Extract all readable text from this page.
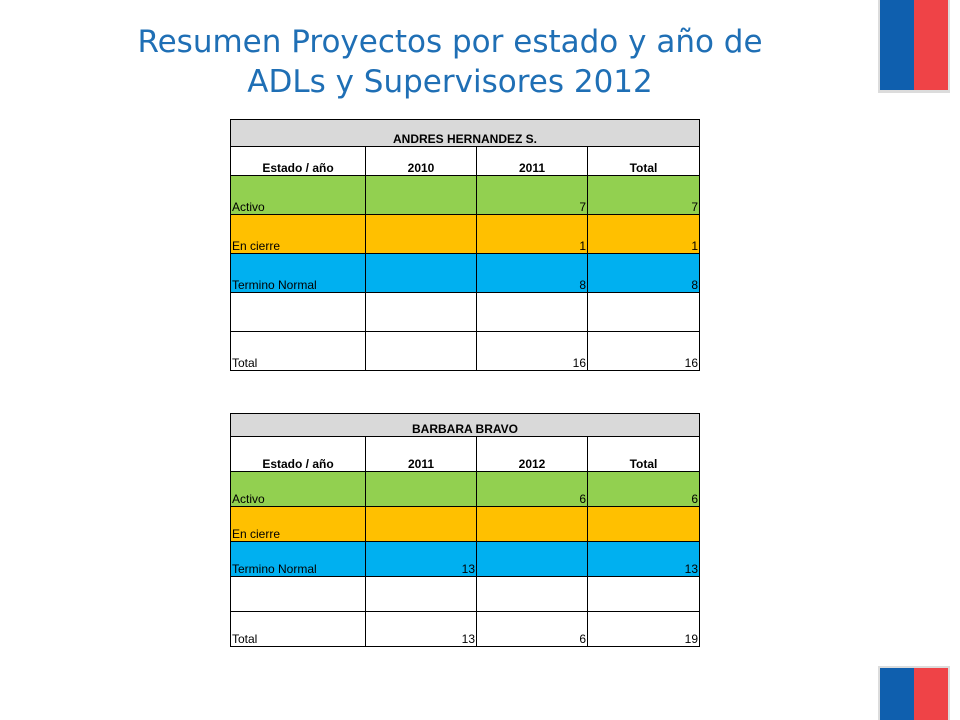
Resumen Proyectos por estado y año de
ADLs y Supervisores 2012
ANDRES HERNANDEZ S.			
Estado / año	2010	2011	Total
Activo		7	7
En cierre		1	1
Termino Normal		8	8

Total		16	16
BARBARA BRAVO			
Estado / año	2011	2012	Total
Activo		6	6
En cierre			
Termino Normal	13		13

Total	13	6	19
